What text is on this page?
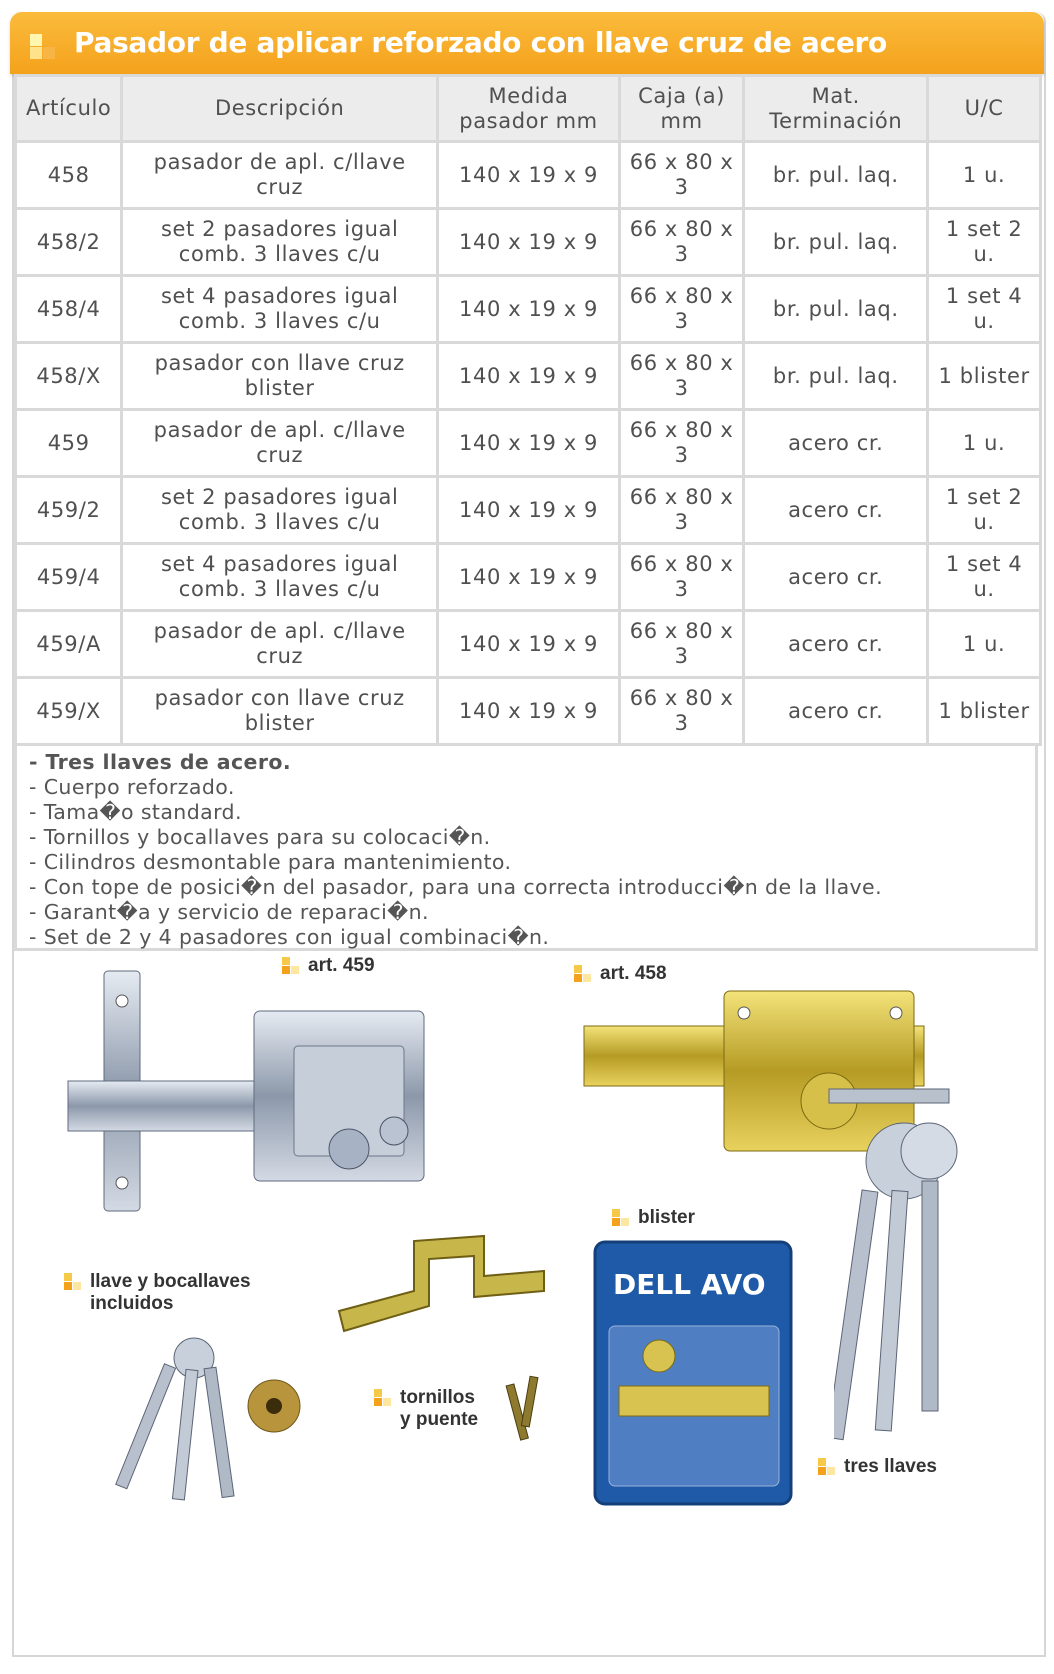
Pasador de aplicar reforzado con llave cruz de acero
Artículo	Descripción	Medida pasador mm	Caja (a) mm	Mat. Terminación	U/C
458	pasador de apl. c/llave cruz	140 x 19 x 9	66 x 80 x 3	br. pul. laq.	1 u.
458/2	set 2 pasadores igual comb. 3 llaves c/u	140 x 19 x 9	66 x 80 x 3	br. pul. laq.	1 set 2 u.
458/4	set 4 pasadores igual comb. 3 llaves c/u	140 x 19 x 9	66 x 80 x 3	br. pul. laq.	1 set 4 u.
458/X	pasador con llave cruz blister	140 x 19 x 9	66 x 80 x 3	br. pul. laq.	1 blister
459	pasador de apl. c/llave cruz	140 x 19 x 9	66 x 80 x 3	acero cr.	1 u.
459/2	set 2 pasadores igual comb. 3 llaves c/u	140 x 19 x 9	66 x 80 x 3	acero cr.	1 set 2 u.
459/4	set 4 pasadores igual comb. 3 llaves c/u	140 x 19 x 9	66 x 80 x 3	acero cr.	1 set 4 u.
459/A	pasador de apl. c/llave cruz	140 x 19 x 9	66 x 80 x 3	acero cr.	1 u.
459/X	pasador con llave cruz blister	140 x 19 x 9	66 x 80 x 3	acero cr.	1 blister
- Tres llaves de acero.
- Cuerpo reforzado.
- Tama�o standard.
- Tornillos y bocallaves para su colocaci�n.
- Cilindros desmontable para mantenimiento.
- Con tope de posici�n del pasador, para una correcta introducci�n de la llave.
- Garant�a y servicio de reparaci�n.
- Set de 2 y 4 pasadores con igual combinaci�n.
art. 459	art. 458
tres llaves
blister
DELL AVO
llave y bocallaves
incluidos
tornillos
y puente
